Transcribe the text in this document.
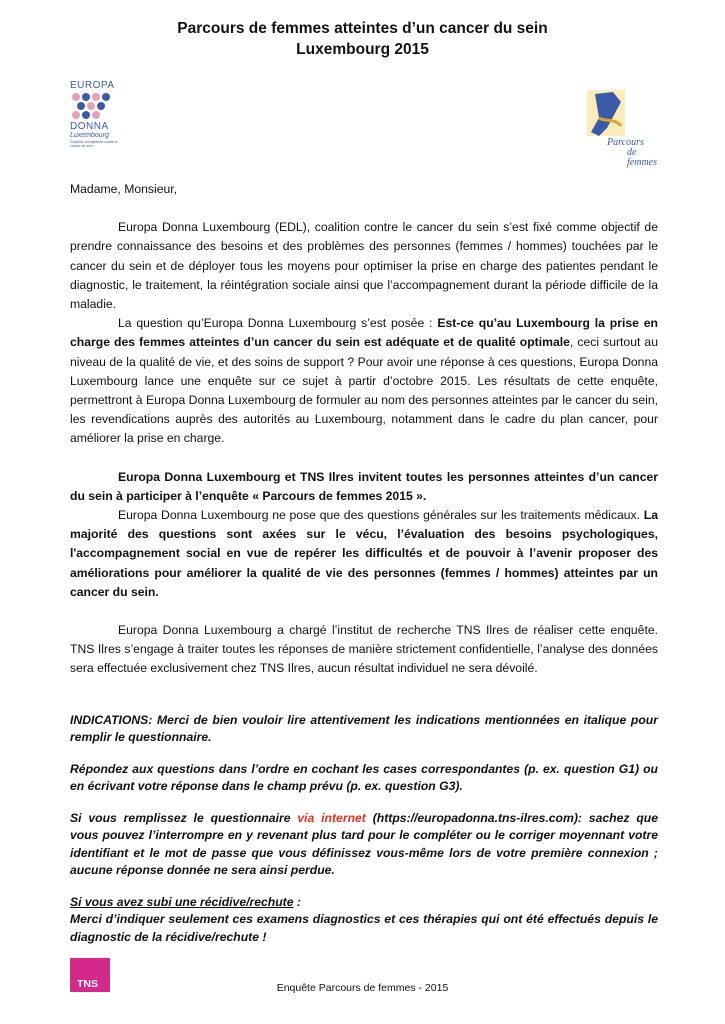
Parcours de femmes atteintes d’un cancer du sein
Luxembourg 2015
EUROPA
DONNA
Luxembourg
Coalition européenne contre le cancer du sein	Parcours
de femmes

Madame, Monsieur,

Europa Donna Luxembourg (EDL), coalition contre le cancer du sein s’est fixé comme objectif de prendre connaissance des besoins et des problèmes des personnes (femmes / hommes) touchées par le cancer du sein et de déployer tous les moyens pour optimiser la prise en charge des patientes pendant le diagnostic, le traitement, la réintégration sociale ainsi que l’accompagnement durant la période difficile de la maladie.

La question qu’Europa Donna Luxembourg s’est posée : Est-ce qu’au Luxembourg la prise en charge des femmes atteintes d’un cancer du sein est adéquate et de qualité optimale, ceci surtout au niveau de la qualité de vie, et des soins de support ? Pour avoir une réponse à ces questions, Europa Donna Luxembourg lance une enquête sur ce sujet à partir d’octobre 2015. Les résultats de cette enquête, permettront à Europa Donna Luxembourg de formuler au nom des personnes atteintes par le cancer du sein, les revendications auprès des autorités au Luxembourg, notamment dans le cadre du plan cancer, pour améliorer la prise en charge.

Europa Donna Luxembourg et TNS Ilres invitent toutes les personnes atteintes d’un cancer du sein à participer à l’enquête « Parcours de femmes 2015 ».

Europa Donna Luxembourg ne pose que des questions générales sur les traitements médicaux. La majorité des questions sont axées sur le vécu, l’évaluation des besoins psychologiques, l'accompagnement social en vue de repérer les difficultés et de pouvoir à l’avenir proposer des améliorations pour améliorer la qualité de vie des personnes (femmes / hommes) atteintes par un cancer du sein.

Europa Donna Luxembourg a chargé l’institut de recherche TNS Ilres de réaliser cette enquête. TNS Ilres s’engage à traiter toutes les réponses de manière strictement confidentielle, l’analyse des données sera effectuée exclusivement chez TNS Ilres, aucun résultat individuel ne sera dévoilé.

INDICATIONS: Merci de bien vouloir lire attentivement les indications mentionnées en italique pour remplir le questionnaire.

Répondez aux questions dans l’ordre en cochant les cases correspondantes (p. ex. question G1) ou en écrivant votre réponse dans le champ prévu (p. ex. question G3).

Si vous remplissez le questionnaire via internet (https://europadonna.tns-ilres.com): sachez que vous pouvez l’interrompre en y revenant plus tard pour le compléter ou le corriger moyennant votre identifiant et le mot de passe que vous définissez vous-même lors de votre première connexion ; aucune réponse donnée ne sera ainsi perdue.

Si vous avez subi une récidive/rechute :

Merci d’indiquer seulement ces examens diagnostics et ces thérapies qui ont été effectués depuis le diagnostic de la récidive/rechute !

TNS	Enquête Parcours de femmes - 2015
